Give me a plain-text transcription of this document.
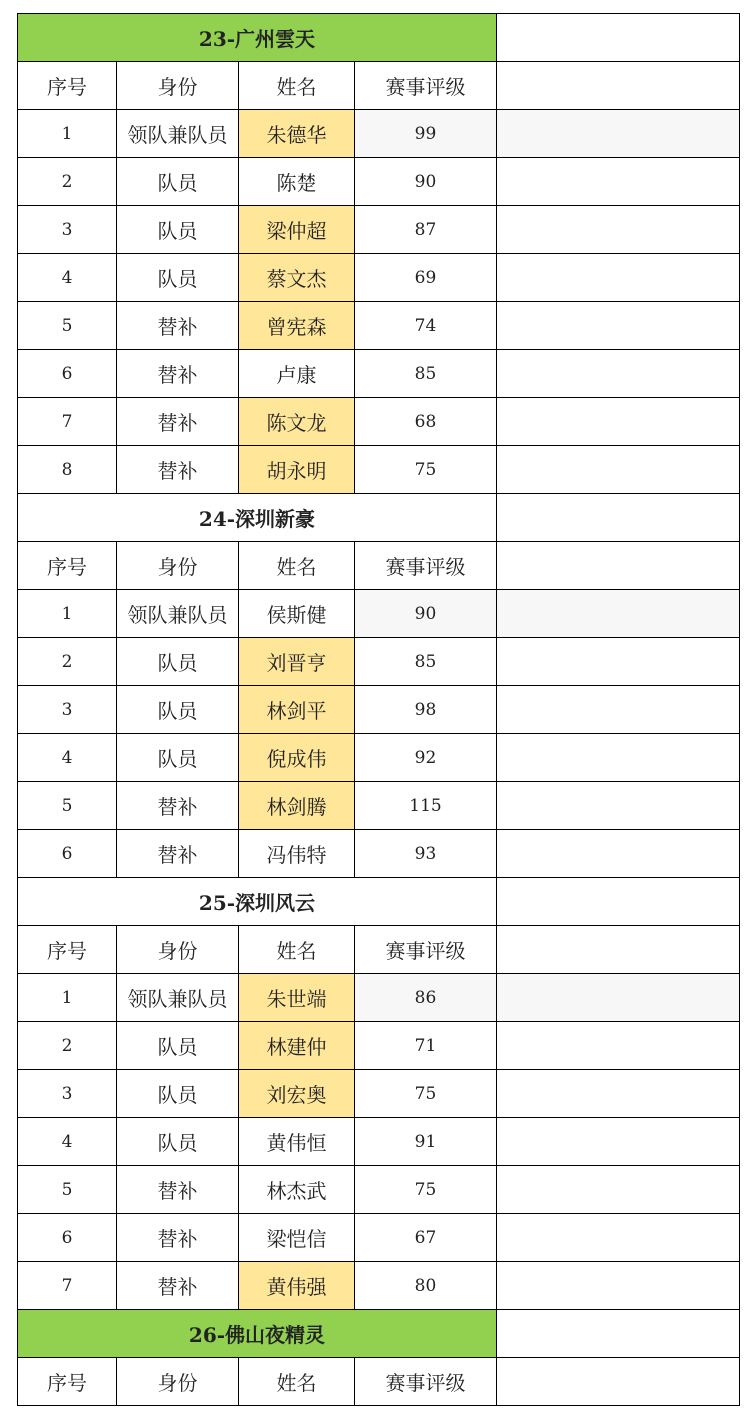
23-广州雲天				
序号	身份	姓名	赛事评级	
1	领队兼队员	朱德华	99	
2	队员	陈楚	90	
3	队员	梁仲超	87	
4	队员	蔡文杰	69	
5	替补	曾宪森	74	
6	替补	卢康	85	
7	替补	陈文龙	68	
8	替补	胡永明	75	
24-深圳新豪				
序号	身份	姓名	赛事评级	
1	领队兼队员	侯斯健	90	
2	队员	刘晋亨	85	
3	队员	林剑平	98	
4	队员	倪成伟	92	
5	替补	林剑腾	115	
6	替补	冯伟特	93	
25-深圳风云				
序号	身份	姓名	赛事评级	
1	领队兼队员	朱世端	86	
2	队员	林建仲	71	
3	队员	刘宏奥	75	
4	队员	黄伟恒	91	
5	替补	林杰武	75	
6	替补	梁恺信	67	
7	替补	黄伟强	80	
26-佛山夜精灵				
序号	身份	姓名	赛事评级	
